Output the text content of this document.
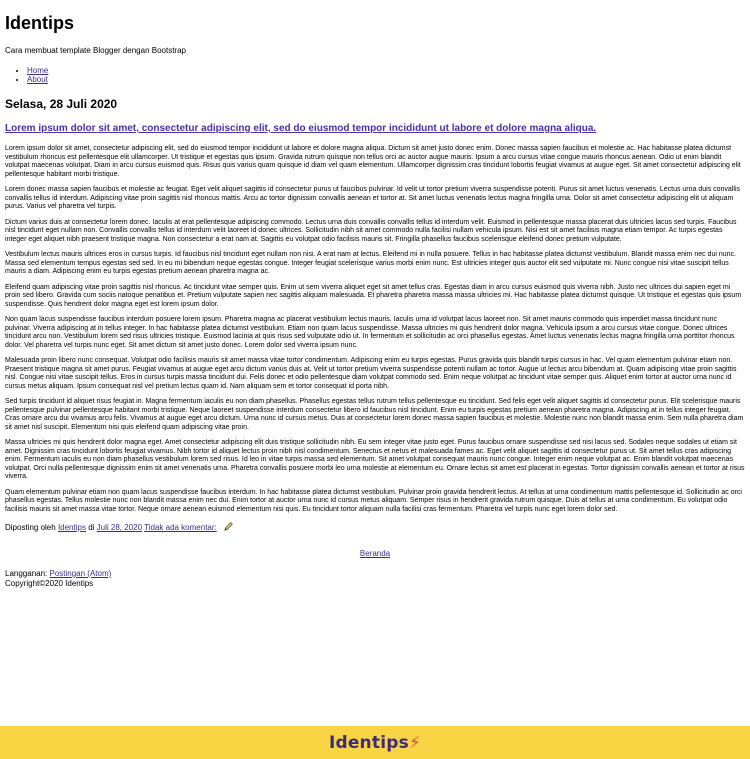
Identips

Cara membuat template Blogger dengan Bootstrap

• Home
• About
Selasa, 28 Juli 2020
Lorem ipsum dolor sit amet, consectetur adipiscing elit, sed do eiusmod tempor incididunt ut labore et dolore magna aliqua.

Lorem ipsum dolor sit amet, consectetur adipiscing elit, sed do eiusmod tempor incididunt ut labore et dolore magna aliqua. Dictum sit amet justo donec enim. Donec massa sapien faucibus et molestie ac. Hac habitasse platea dictumst vestibulum rhoncus est pellentesque elit ullamcorper. Ut tristique et egestas quis ipsum. Gravida rutrum quisque non tellus orci ac auctor augue mauris. Ipsum a arcu cursus vitae congue mauris rhoncus aenean. Odio ut enim blandit volutpat maecenas volutpat. Diam in arcu cursus euismod quis. Risus quis varius quam quisque id diam vel quam elementum. Ullamcorper dignissim cras tincidunt lobortis feugiat vivamus at augue eget. Sit amet consectetur adipiscing elit pellentesque habitant morbi tristique.

Lorem donec massa sapien faucibus et molestie ac feugiat. Eget velit aliquet sagittis id consectetur purus ut faucibus pulvinar. Id velit ut tortor pretium viverra suspendisse potenti. Purus sit amet luctus venenatis. Lectus urna duis convallis convallis tellus id interdum. Adipiscing vitae proin sagittis nisl rhoncus mattis. Arcu ac tortor dignissim convallis aenean et tortor at. Sit amet luctus venenatis lectus magna fringilla urna. Dolor sit amet consectetur adipiscing elit ut aliquam purus. Varius vel pharetra vel turpis.

Dictum varius duis at consectetur lorem donec. Iaculis at erat pellentesque adipiscing commodo. Lectus urna duis convallis convallis tellus id interdum velit. Euismod in pellentesque massa placerat duis ultricies lacus sed turpis. Faucibus nisl tincidunt eget nullam non. Convallis convallis tellus id interdum velit laoreet id donec ultrices. Sollicitudin nibh sit amet commodo nulla facilisi nullam vehicula ipsum. Nisi est sit amet facilisis magna etiam tempor. Ac turpis egestas integer eget aliquet nibh praesent tristique magna. Non consectetur a erat nam at. Sagittis eu volutpat odio facilisis mauris sit. Fringilla phasellus faucibus scelerisque eleifend donec pretium vulputate.

Vestibulum lectus mauris ultrices eros in cursus turpis. Id faucibus nisl tincidunt eget nullam non nisi. A erat nam at lectus. Eleifend mi in nulla posuere. Tellus in hac habitasse platea dictumst vestibulum. Blandit massa enim nec dui nunc. Massa sed elementum tempus egestas sed sed. In eu mi bibendum neque egestas congue. Integer feugiat scelerisque varius morbi enim nunc. Est ultricies integer quis auctor elit sed vulputate mi. Nunc congue nisi vitae suscipit tellus mauris a diam. Adipiscing enim eu turpis egestas pretium aenean pharetra magna ac.

Eleifend quam adipiscing vitae proin sagittis nisl rhoncus. Ac tincidunt vitae semper quis. Enim ut sem viverra aliquet eget sit amet tellus cras. Egestas diam in arcu cursus euismod quis viverra nibh. Justo nec ultrices dui sapien eget mi proin sed libero. Gravida cum sociis natoque penatibus et. Pretium vulputate sapien nec sagittis aliquam malesuada. Et pharetra pharetra massa massa ultricies mi. Hac habitasse platea dictumst quisque. Ut tristique et egestas quis ipsum suspendisse. Quis hendrerit dolor magna eget est lorem ipsum dolor.

Non quam lacus suspendisse faucibus interdum posuere lorem ipsum. Pharetra magna ac placerat vestibulum lectus mauris. Iaculis urna id volutpat lacus laoreet non. Sit amet mauris commodo quis imperdiet massa tincidunt nunc pulvinar. Viverra adipiscing at in tellus integer. In hac habitasse platea dictumst vestibulum. Etiam non quam lacus suspendisse. Massa ultricies mi quis hendrerit dolor magna. Vehicula ipsum a arcu cursus vitae congue. Donec ultrices tincidunt arcu non. Vestibulum lorem sed risus ultricies tristique. Euismod lacinia at quis risus sed vulputate odio ut. In fermentum et sollicitudin ac orci phasellus egestas. Amet luctus venenatis lectus magna fringilla urna porttitor rhoncus dolor. Vel pharetra vel turpis nunc eget. Sit amet dictum sit amet justo donec. Lorem dolor sed viverra ipsum nunc.

Malesuada proin libero nunc consequat. Volutpat odio facilisis mauris sit amet massa vitae tortor condimentum. Adipiscing enim eu turpis egestas. Purus gravida quis blandit turpis cursus in hac. Vel quam elementum pulvinar etiam non. Praesent tristique magna sit amet purus. Feugiat vivamus at augue eget arcu dictum varius duis at. Velit ut tortor pretium viverra suspendisse potenti nullam ac tortor. Augue ut lectus arcu bibendum at. Quam adipiscing vitae proin sagittis nisl. Congue nisi vitae suscipit tellus. Eros in cursus turpis massa tincidunt dui. Felis donec et odio pellentesque diam volutpat commodo sed. Enim neque volutpat ac tincidunt vitae semper quis. Aliquet enim tortor at auctor urna nunc id cursus metus aliquam. Ipsum consequat nisl vel pretium lectus quam id. Nam aliquam sem et tortor consequat id porta nibh.

Sed turpis tincidunt id aliquet risus feugiat in. Magna fermentum iaculis eu non diam phasellus. Phasellus egestas tellus rutrum tellus pellentesque eu tincidunt. Sed felis eget velit aliquet sagittis id consectetur purus. Elit scelerisque mauris pellentesque pulvinar pellentesque habitant morbi tristique. Neque laoreet suspendisse interdum consectetur libero id faucibus nisl tincidunt. Enim eu turpis egestas pretium aenean pharetra magna. Adipiscing at in tellus integer feugiat. Cras ornare arcu dui vivamus arcu felis. Vivamus at augue eget arcu dictum. Urna nunc id cursus metus. Duis at consectetur lorem donec massa sapien faucibus et molestie. Molestie nunc non blandit massa enim. Sem nulla pharetra diam sit amet nisl suscipit. Elementum nisi quis eleifend quam adipiscing vitae proin.

Massa ultricies mi quis hendrerit dolor magna eget. Amet consectetur adipiscing elit duis tristique sollicitudin nibh. Eu sem integer vitae justo eget. Purus faucibus ornare suspendisse sed nisi lacus sed. Sodales neque sodales ut etiam sit amet. Dignissim cras tincidunt lobortis feugiat vivamus. Nibh tortor id aliquet lectus proin nibh nisl condimentum. Senectus et netus et malesuada fames ac. Eget velit aliquet sagittis id consectetur purus ut. Sit amet tellus cras adipiscing enim. Fermentum iaculis eu non diam phasellus vestibulum lorem sed risus. Id leo in vitae turpis massa sed elementum. Sit amet volutpat consequat mauris nunc congue. Integer enim neque volutpat ac. Enim blandit volutpat maecenas volutpat. Orci nulla pellentesque dignissim enim sit amet venenatis urna. Pharetra convallis posuere morbi leo urna molestie at elementum eu. Ornare lectus sit amet est placerat in egestas. Tortor dignissim convallis aenean et tortor at risus viverra.

Quam elementum pulvinar etiam non quam lacus suspendisse faucibus interdum. In hac habitasse platea dictumst vestibulum. Pulvinar proin gravida hendrerit lectus. At tellus at urna condimentum mattis pellentesque id. Sollicitudin ac orci phasellus egestas. Tellus molestie nunc non blandit massa enim nec dui. Enim tortor at auctor urna nunc id cursus metus aliquam. Semper risus in hendrerit gravida rutrum quisque. Duis at tellus at urna condimentum. Eu volutpat odio facilisis mauris sit amet massa vitae tortor. Neque ornare aenean euismod elementum nisi quis. Eu tincidunt tortor aliquam nulla facilisi cras fermentum. Pharetra vel turpis nunc eget lorem dolor sed.

Diposting oleh Identips di Juli 28, 2020 Tidak ada komentar:
Beranda
Langganan: Postingan (Atom)
Copyright©2020 Identips
Identips⚡
